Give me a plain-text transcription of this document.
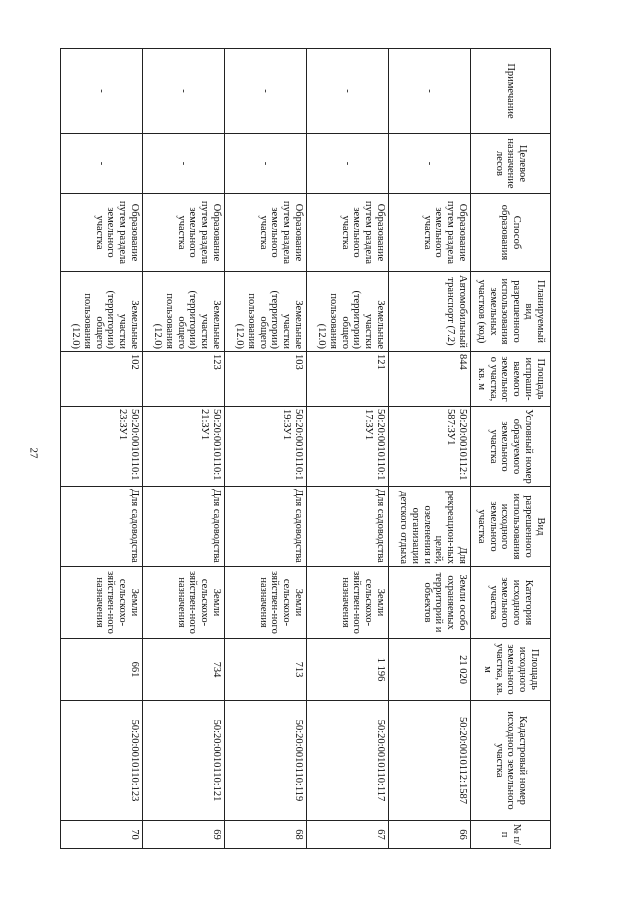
27
Примечание	Целевое назначение лесов	Способ образования	Планируемый вид разрешенного использования земельных участков (код)	Площадь испраши-ваемого земельного участка, кв. м	Условный номер образуемого земельного участка	Вид разрешенного использования исходного земельного участка	Категория исходного земельного участка	Площадь исходного земельного участка, кв. м	Кадастровый номер исходного земельного участка	№ п/п
-	-	Образование путем раздела земельного участка	Автомобильный транспорт (7.2)	844	50:20:0010112:1587:ЗУ1	Для рекреацион-ных целей, озеленения и организации детского отдыха	Земли особо охраняемых территорий и объектов	21 020	50:20:0010112:1587	66
-	-	Образование путем раздела земельного участка	Земельные участки (территории) общего пользования (12.0)	121	50:20:0010110:117:ЗУ1	Для садоводства	Земли сельскохо-зяйствен-ного назначения	1 196	50:20:0010110:117	67
-	-	Образование путем раздела земельного участка	Земельные участки (территории) общего пользования (12.0)	103	50:20:0010110:119:ЗУ1	Для садоводства	Земли сельскохо-зяйствен-ного назначения	713	50:20:0010110:119	68
-	-	Образование путем раздела земельного участка	Земельные участки (территории) общего пользования (12.0)	123	50:20:0010110:121:ЗУ1	Для садоводства	Земли сельскохо-зяйствен-ного назначения	734	50:20:0010110:121	69
-	-	Образование путем раздела земельного участка	Земельные участки (территории) общего пользования (12.0)	102	50:20:0010110:123:ЗУ1	Для садоводства	Земли сельскохо-зяйствен-ного назначения	661	50:20:0010110:123	70
